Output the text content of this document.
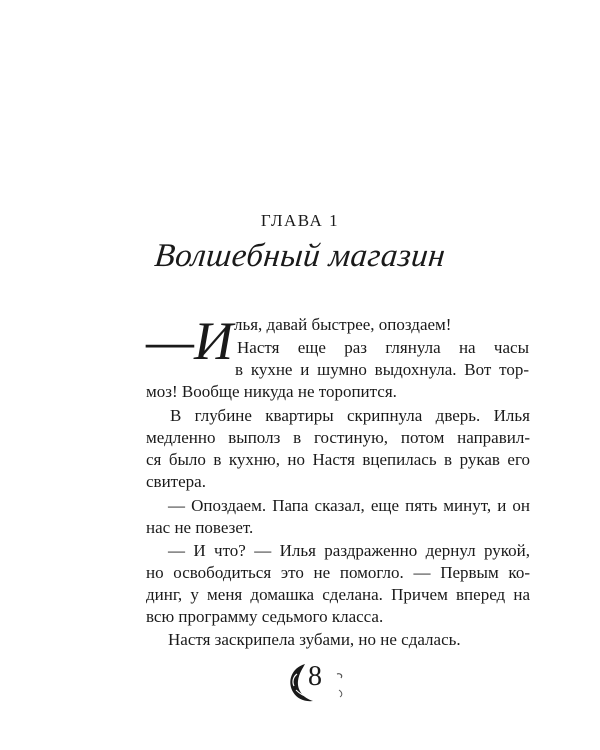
ГЛАВА 1
Волшебный магазин
—И лья, давай быстрее, опоздаем!
Настя еще раз глянула на часы
в кухне и шумно выдохнула. Вот тор-
моз! Вообще никуда не торопится.
В глубине квартиры скрипнула дверь. Илья
медленно выполз в гостиную, потом направил-
ся было в кухню, но Настя вцепилась в рукав его
свитера.
— Опоздаем. Папа сказал, еще пять минут, и он
нас не повезет.
— И что? — Илья раздраженно дернул рукой,
но освободиться это не помогло. — Первым ко-
динг, у меня домашка сделана. Причем вперед на
всю программу седьмого класса.
Настя заскрипела зубами, но не сдалась.
8
